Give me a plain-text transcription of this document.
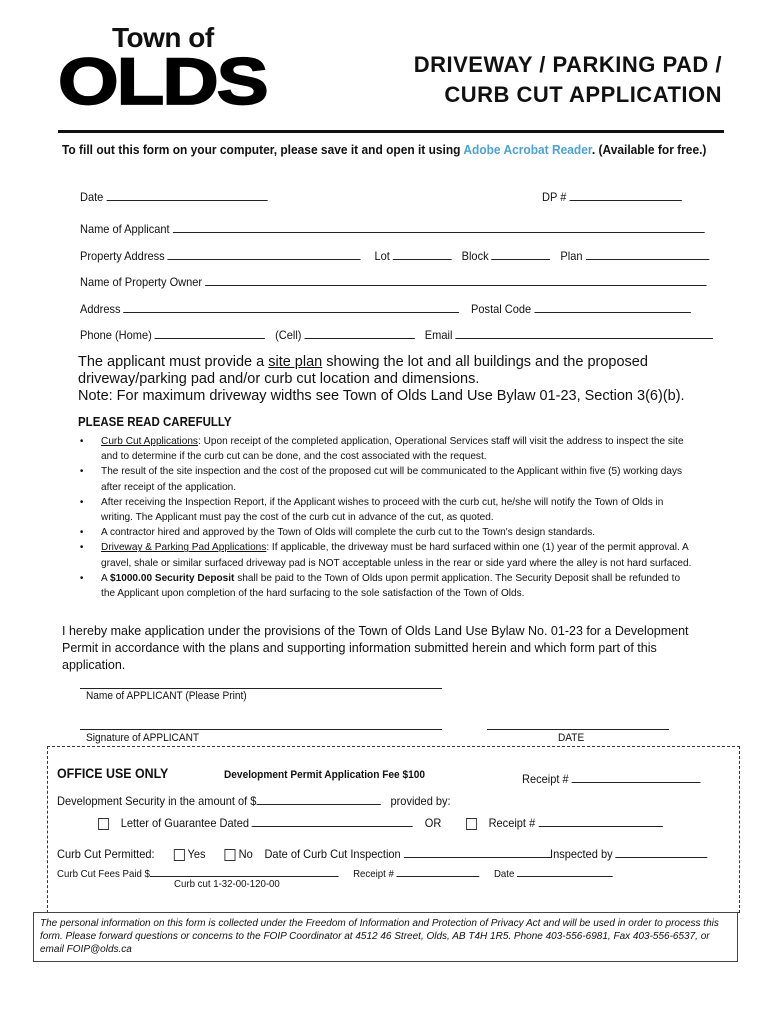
Town of
OLDS	DRIVEWAY / PARKING PAD /
CURB CUT APPLICATION
To fill out this form on your computer, please save it and open it using Adobe Acrobat Reader. (Available for free.)
Date	DP #
Name of Applicant
Property Address	Lot	Block	Plan
Name of Property Owner
Address	Postal Code
Phone (Home)	(Cell)	Email
The applicant must provide a site plan showing the lot and all buildings and the proposed driveway/parking pad and/or curb cut location and dimensions.
Note: For maximum driveway widths see Town of Olds Land Use Bylaw 01-23, Section 3(6)(b).
PLEASE READ CAREFULLY
• Curb Cut Applications: Upon receipt of the completed application, Operational Services staff will visit the address to inspect the site and to determine if the curb cut can be done, and the cost associated with the request.
• The result of the site inspection and the cost of the proposed cut will be communicated to the Applicant within five (5) working days after receipt of the application.
• After receiving the Inspection Report, if the Applicant wishes to proceed with the curb cut, he/she will notify the Town of Olds in writing. The Applicant must pay the cost of the curb cut in advance of the cut, as quoted.
• A contractor hired and approved by the Town of Olds will complete the curb cut to the Town's design standards.
• Driveway & Parking Pad Applications: If applicable, the driveway must be hard surfaced within one (1) year of the permit approval. A gravel, shale or similar surfaced driveway pad is NOT acceptable unless in the rear or side yard where the alley is not hard surfaced.
• A $1000.00 Security Deposit shall be paid to the Town of Olds upon permit application. The Security Deposit shall be refunded to the Applicant upon completion of the hard surfacing to the sole satisfaction of the Town of Olds.
I hereby make application under the provisions of the Town of Olds Land Use Bylaw No. 01-23 for a Development Permit in accordance with the plans and supporting information submitted herein and which form part of this application.
Name of APPLICANT (Please Print)
Signature of APPLICANT	DATE
OFFICE USE ONLY	Development Permit Application Fee $100	Receipt #
Development Security in the amount of $	provided by:
Letter of Guarantee Dated	OR	Receipt #
Curb Cut Permitted:	Yes	No Date of Curb Cut Inspection	Inspected by
Curb Cut Fees Paid $	Receipt #	Date
Curb cut 1-32-00-120-00
The personal information on this form is collected under the Freedom of Information and Protection of Privacy Act and will be used in order to process this form. Please forward questions or concerns to the FOIP Coordinator at 4512 46 Street, Olds, AB T4H 1R5. Phone 403-556-6981, Fax 403-556-6537, or email FOIP@olds.ca
